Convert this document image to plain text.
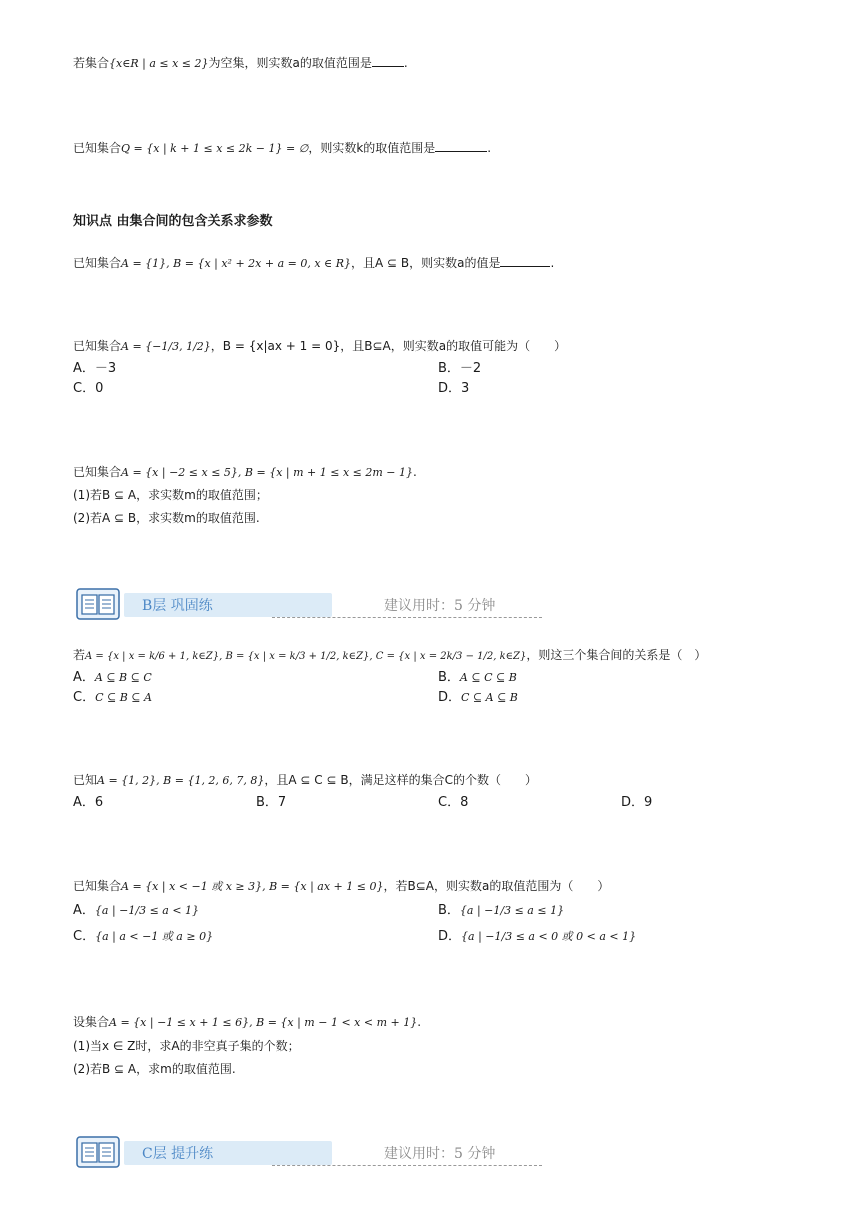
若集合{x∈R | a ≤ x ≤ 2}为空集，则实数a的取值范围是	.
已知集合Q = {x | k + 1 ≤ x ≤ 2k − 1} = ∅，则实数k的取值范围是	.
知识点 由集合间的包含关系求参数
已知集合A = {1}, B = {x | x² + 2x + a = 0, x ∈ R}，且A ⊆ B，则实数a的值是	.
已知集合A = {−1/3, 1/2}，B = {x|ax + 1 = 0}，且B⊆A，则实数a的取值可能为（　　）
A．－3	B．－2
C．0	D．3
已知集合A = {x | −2 ≤ x ≤ 5}, B = {x | m + 1 ≤ x ≤ 2m − 1}.
(1)若B ⊆ A，求实数m的取值范围；
(2)若A ⊆ B，求实数m的取值范围.
B层 巩固练	建议用时：5 分钟
若A = {x | x = k/6 + 1, k∈Z}, B = {x | x = k/3 + 1/2, k∈Z}, C = {x | x = 2k/3 − 1/2, k∈Z}，则这三个集合间的关系是（　）
A．A ⊆ B ⊆ C	B．A ⊆ C ⊆ B
C．C ⊆ B ⊆ A	D．C ⊆ A ⊆ B
已知A = {1, 2}, B = {1, 2, 6, 7, 8}，且A ⊆ C ⊆ B，满足这样的集合C的个数（　　）
A．6	B．7	C．8	D．9
已知集合A = {x | x < −1 或 x ≥ 3}, B = {x | ax + 1 ≤ 0}，若B⊆A，则实数a的取值范围为（　　）
A．{a | −1/3 ≤ a < 1}	B．{a | −1/3 ≤ a ≤ 1}
C．{a | a < −1 或 a ≥ 0}	D．{a | −1/3 ≤ a < 0 或 0 < a < 1}
设集合A = {x | −1 ≤ x + 1 ≤ 6}, B = {x | m − 1 < x < m + 1}.
(1)当x ∈ Z时，求A的非空真子集的个数；
(2)若B ⊆ A，求m的取值范围.
C层 提升练	建议用时：5 分钟
